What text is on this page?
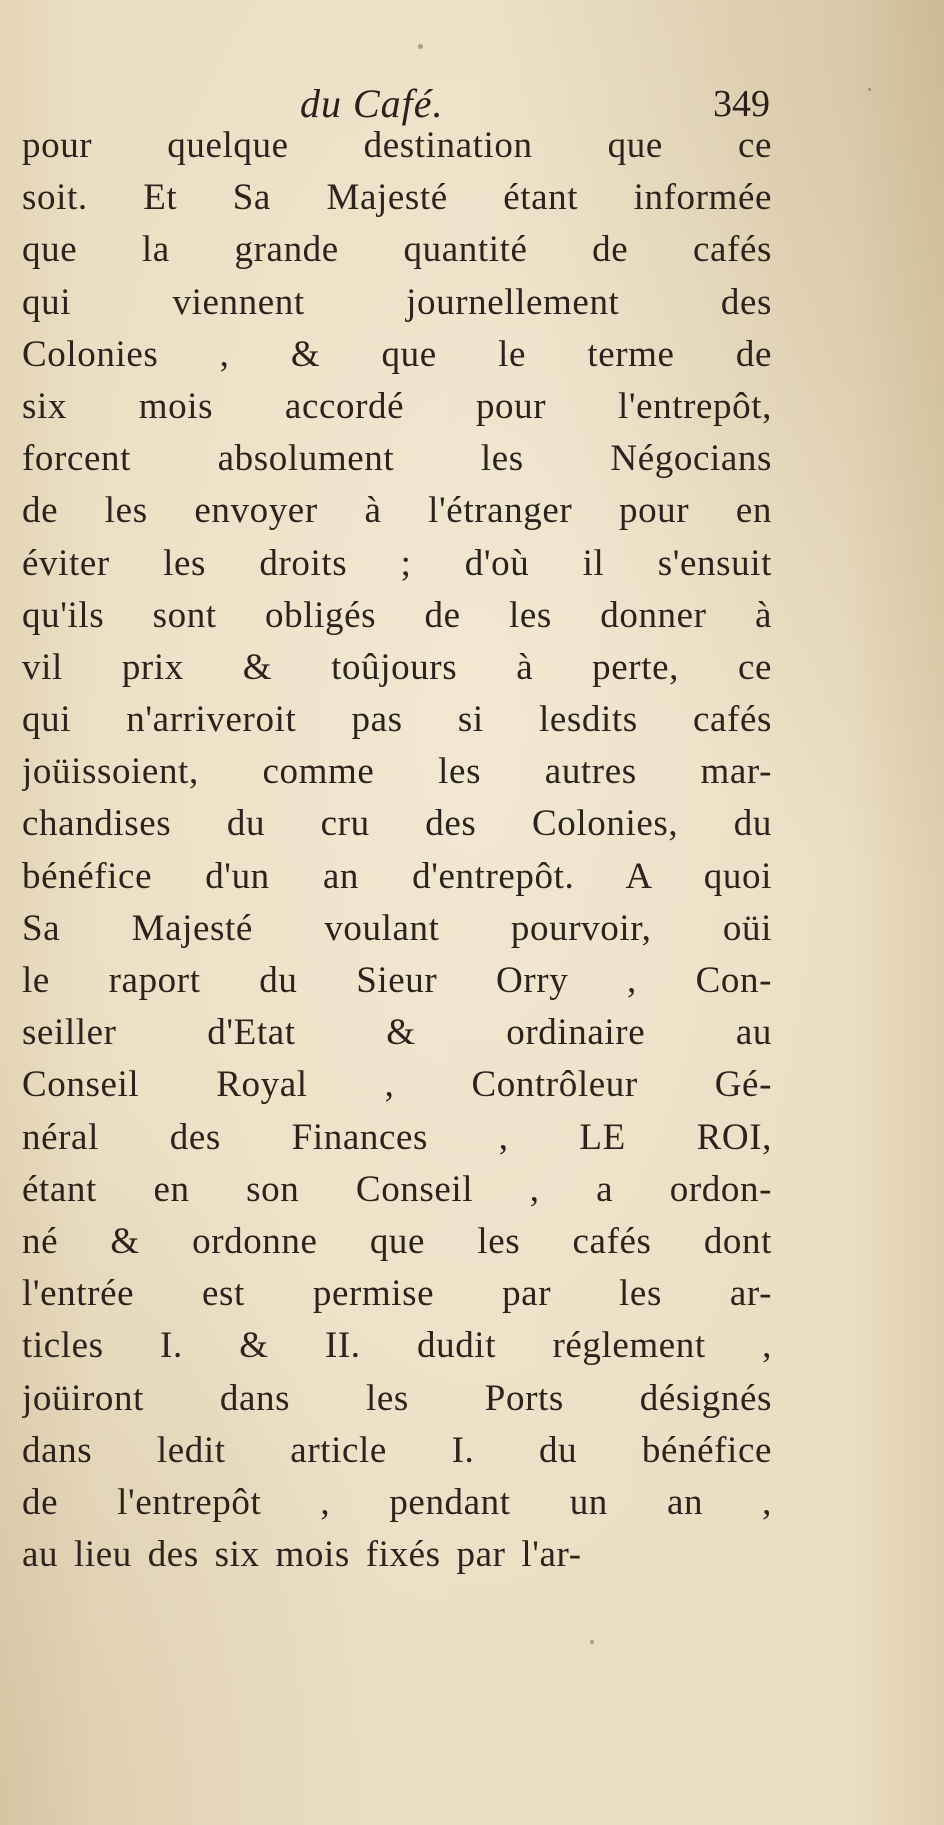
du Café.	349
pour quelque destination que ce
soit. Et Sa Majesté étant informée
que la grande quantité de cafés
qui viennent journellement des
Colonies , & que le terme de
six mois accordé pour l'entrepôt,
forcent absolument les Négocians
de les envoyer à l'étranger pour en
éviter les droits ; d'où il s'ensuit
qu'ils sont obligés de les donner à
vil prix & toûjours à perte, ce
qui n'arriveroit pas si lesdits cafés
joüissoient, comme les autres mar-
chandises du cru des Colonies, du
bénéfice d'un an d'entrepôt. A quoi
Sa Majesté voulant pourvoir, oüi
le raport du Sieur Orry , Con-
seiller d'Etat & ordinaire au
Conseil Royal , Contrôleur Gé-
néral des Finances , LE ROI,
étant en son Conseil , a ordon-
né & ordonne que les cafés dont
l'entrée est permise par les ar-
ticles I. & II. dudit réglement ,
joüiront dans les Ports désignés
dans ledit article I. du bénéfice
de l'entrepôt , pendant un an ,
au lieu des six mois fixés par l'ar-
